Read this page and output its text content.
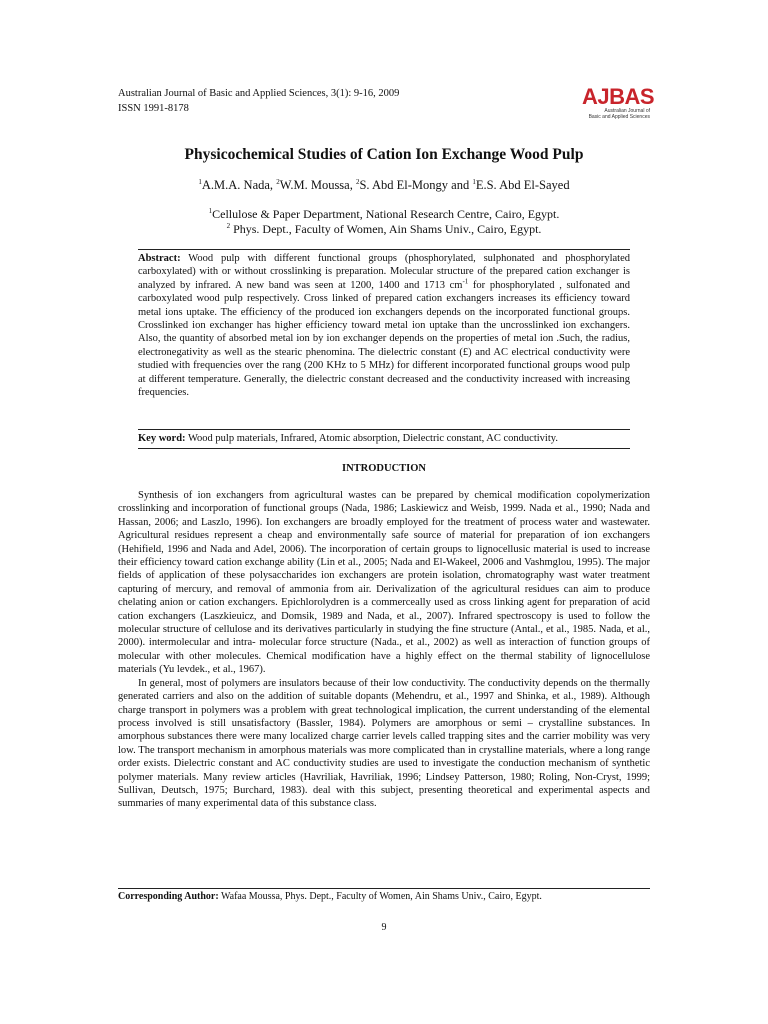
Australian Journal of Basic and Applied Sciences, 3(1): 9-16, 2009
ISSN 1991-8178	AJBAS
Australian Journal of
Basic and Applied Sciences
Physicochemical Studies of Cation Ion Exchange Wood Pulp
$^1$A.M.A. Nada, $^2$W.M. Moussa, $^2$S. Abd El-Mongy and $^1$E.S. Abd El-Sayed
$^1$Cellulose & Paper Department, National Research Centre, Cairo, Egypt.
$^2$ Phys. Dept., Faculty of Women, Ain Shams Univ., Cairo, Egypt.
Abstract: Wood pulp with different functional groups (phosphorylated, sulphonated and phosphorylated carboxylated) with or without crosslinking is preparation. Molecular structure of the prepared cation exchanger is analyzed by infrared. A new band was seen at 1200, 1400 and 1713 $cm^{-1}$ for phosphorylated , sulfonated and carboxylated wood pulp respectively. Cross linked of prepared cation exchangers increases its efficiency toward metal ions uptake. The efficiency of the produced ion exchangers depends on the incorporated functional groups. Crosslinked ion exchanger has higher efficiency toward metal ion uptake than the uncrosslinked ion exchangers. Also, the quantity of absorbed metal ion by ion exchanger depends on the properties of metal ion .Such, the radius, electronegativity as well as the stearic phenomina. The dielectric constant (£) and AC electrical conductivity were studied with frequencies over the rang (200 KHz to 5 MHz) for different incorporated functional groups wood pulp at different temperature. Generally, the dielectric constant decreased and the conductivity increased with increasing frequencies.
Key word: Wood pulp materials, Infrared, Atomic absorption, Dielectric constant, AC conductivity.
INTRODUCTION

Synthesis of ion exchangers from agricultural wastes can be prepared by chemical modification copolymerization crosslinking and incorporation of functional groups (Nada, 1986; Laskiewicz and Weisb, 1999. Nada et al., 1990; Nada and Hassan, 2006; and Laszlo, 1996). Ion exchangers are broadly employed for the treatment of process water and wastewater. Agricultural residues represent a cheap and environmentally safe source of material for preparation of ion exchangers (Hehifield, 1996 and Nada and Adel, 2006). The incorporation of certain groups to lignocellusic material is used to increase their efficiency toward cation exchange ability (Lin et al., 2005; Nada and El-Wakeel, 2006 and Vashmglou, 1995). The major fields of application of these polysaccharides ion exchangers are protein isolation, chromatography wast water treatment capturing of mercury, and removal of ammonia from air. Derivalization of the agricultural residues can aim to produce chelating anion or cation exchangers. Epichlorolydren is a commerceally used as cross linking agent for preparation of acid cation exchangers (Laszkieuicz, and Domsik, 1989 and Nada, et al., 2007). Infrared spectroscopy is used to follow the molecular structure of cellulose and its derivatives particularly in studying the fine structure (Antal., et al., 1985. Nada, et al., 2000). intermolecular and intra- molecular force structure (Nada., et al., 2002) as well as interaction of function groups of molecular with other molecules. Chemical modification have a highly effect on the thermal stability of lignocellulose materials (Yu levdek., et al., 1967).

In general, most of polymers are insulators because of their low conductivity. The conductivity depends on the thermally generated carriers and also on the addition of suitable dopants (Mehendru, et al., 1997 and Shinka, et al., 1989). Although charge transport in polymers was a problem with great technological implication, the current understanding of the elemental process involved is still unsatisfactory (Bassler, 1984). Polymers are amorphous or semi – crystalline substances. In amorphous substances there were many localized charge carrier levels called trapping sites and the carrier mobility was very low. The transport mechanism in amorphous materials was more complicated than in crystalline materials, where a long range order exists. Dielectric constant and AC conductivity studies are used to investigate the conduction mechanism of synthetic polymer materials. Many review articles (Havriliak, Havriliak, 1996; Lindsey Patterson, 1980; Roling, Non-Cryst, 1999; Sullivan, Deutsch, 1975; Burchard, 1983). deal with this subject, presenting theoretical and experimental aspects and summaries of many experimental data of this substance class.

Corresponding Author: Wafaa Moussa, Phys. Dept., Faculty of Women, Ain Shams Univ., Cairo, Egypt.
9
